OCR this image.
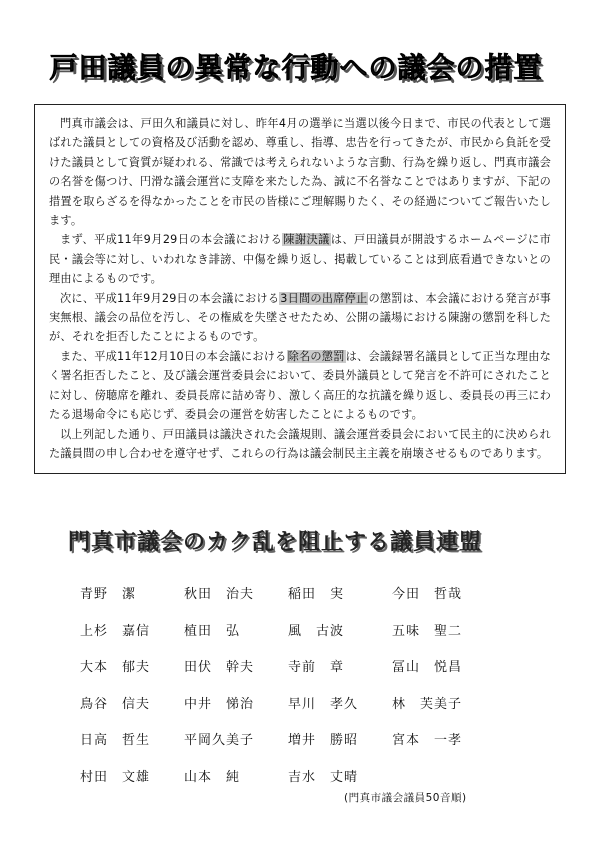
戸田議員の異常な行動への議会の措置

門真市議会は、戸田久和議員に対し、昨年4月の選挙に当選以後今日まで、市民の代表として選ばれた議員としての資格及び活動を認め、尊重し、指導、忠告を行ってきたが、市民から負託を受けた議員として資質が疑われる、常識では考えられないような言動、行為を繰り返し、門真市議会の名誉を傷つけ、円滑な議会運営に支障を来たした為、誠に不名誉なことではありますが、下記の措置を取らざるを得なかったことを市民の皆様にご理解賜りたく、その経過についてご報告いたします。

まず、平成11年9月29日の本会議における陳謝決議は、戸田議員が開設するホームページに市民・議会等に対し、いわれなき誹謗、中傷を繰り返し、掲載していることは到底看過できないとの理由によるものです。

次に、平成11年9月29日の本会議における3日間の出席停止の懲罰は、本会議における発言が事実無根、議会の品位を汚し、その権威を失墜させたため、公開の議場における陳謝の懲罰を科したが、それを拒否したことによるものです。

また、平成11年12月10日の本会議における除名の懲罰は、会議録署名議員として正当な理由なく署名拒否したこと、及び議会運営委員会において、委員外議員として発言を不許可にされたことに対し、傍聴席を離れ、委員長席に詰め寄り、激しく高圧的な抗議を繰り返し、委員長の再三にわたる退場命令にも応じず、委員会の運営を妨害したことによるものです。

以上列記した通り、戸田議員は議決された会議規則、議会運営委員会において民主的に決められた議員間の申し合わせを遵守せず、これらの行為は議会制民主主義を崩壊させるものであります。

門真市議会のカク乱を阻止する議員連盟
青野　潔	秋田　治夫	稲田　実	今田　哲哉
上杉　嘉信	植田　弘	風　古波	五味　聖二
大本　郁夫	田伏　幹夫	寺前　章	冨山　悦昌
鳥谷　信夫	中井　悌治	早川　孝久	林　芙美子
日高　哲生	平岡久美子	増井　勝昭	宮本　一孝
村田　文雄	山本　純	吉水　丈晴
(門真市議会議員50音順)
